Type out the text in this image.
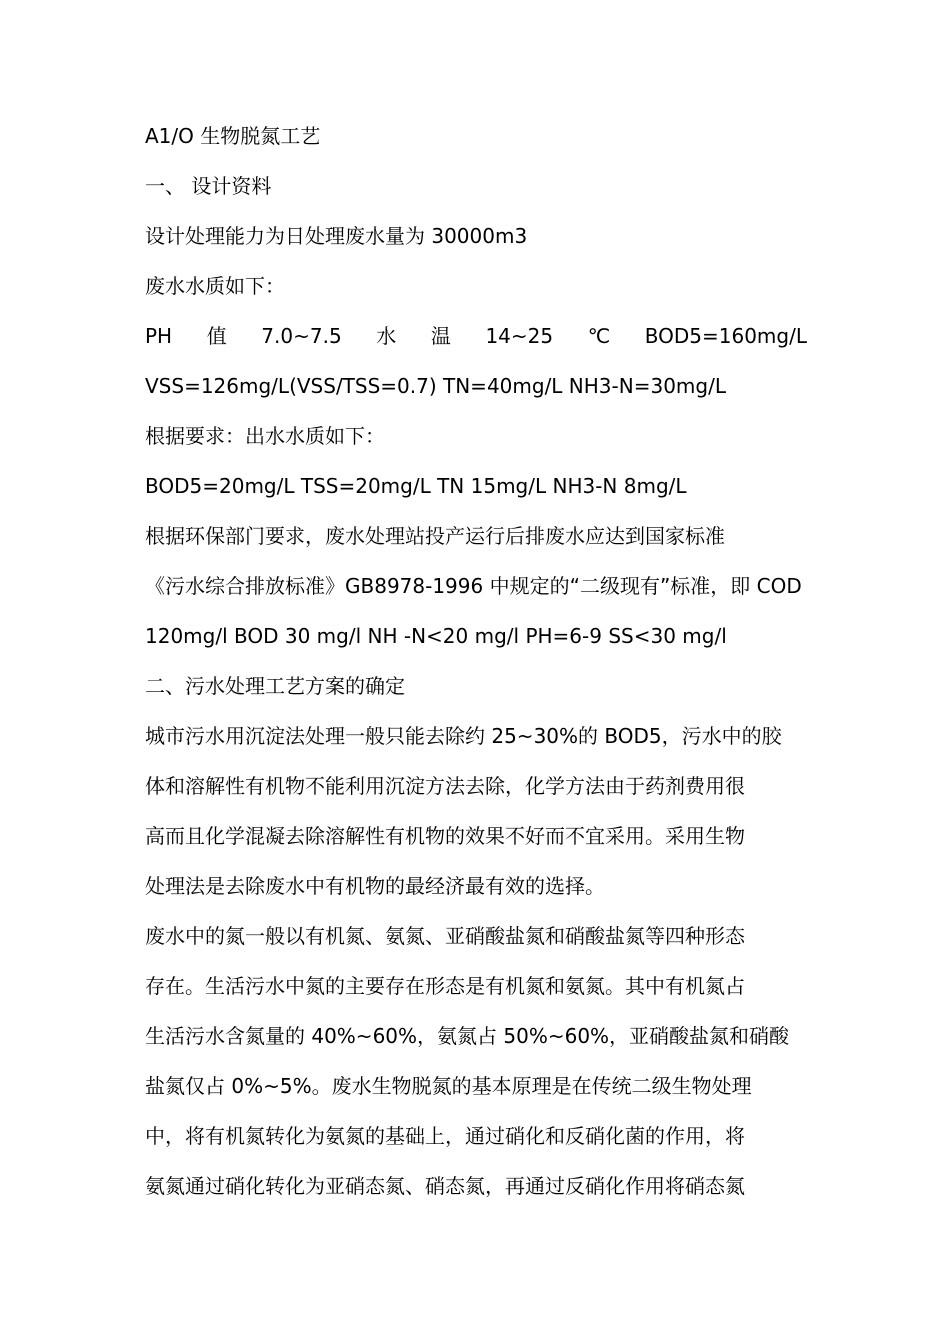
A1/O 生物脱氮工艺
一、 设计资料
设计处理能力为日处理废水量为 30000m3
废水水质如下：
PH 值 7.0~7.5 水 温 14~25 ℃ BOD5=160mg/L
VSS=126mg/L(VSS/TSS=0.7) TN=40mg/L NH3-N=30mg/L
根据要求：出水水质如下：
BOD5=20mg/L TSS=20mg/L TN 15mg/L NH3-N 8mg/L
根据环保部门要求，废水处理站投产运行后排废水应达到国家标准
《污水综合排放标准》GB8978-1996 中规定的“二级现有”标准，即 COD
120mg/l BOD 30 mg/l NH -N<20 mg/l PH=6-9 SS<30 mg/l
二、污水处理工艺方案的确定
城市污水用沉淀法处理一般只能去除约 25~30%的 BOD5，污水中的胶
体和溶解性有机物不能利用沉淀方法去除，化学方法由于药剂费用很
高而且化学混凝去除溶解性有机物的效果不好而不宜采用。采用生物
处理法是去除废水中有机物的最经济最有效的选择。
废水中的氮一般以有机氮、氨氮、亚硝酸盐氮和硝酸盐氮等四种形态
存在。生活污水中氮的主要存在形态是有机氮和氨氮。其中有机氮占
生活污水含氮量的 40%~60%，氨氮占 50%~60%，亚硝酸盐氮和硝酸
盐氮仅占 0%~5%。废水生物脱氮的基本原理是在传统二级生物处理
中，将有机氮转化为氨氮的基础上，通过硝化和反硝化菌的作用，将
氨氮通过硝化转化为亚硝态氮、硝态氮，再通过反硝化作用将硝态氮
